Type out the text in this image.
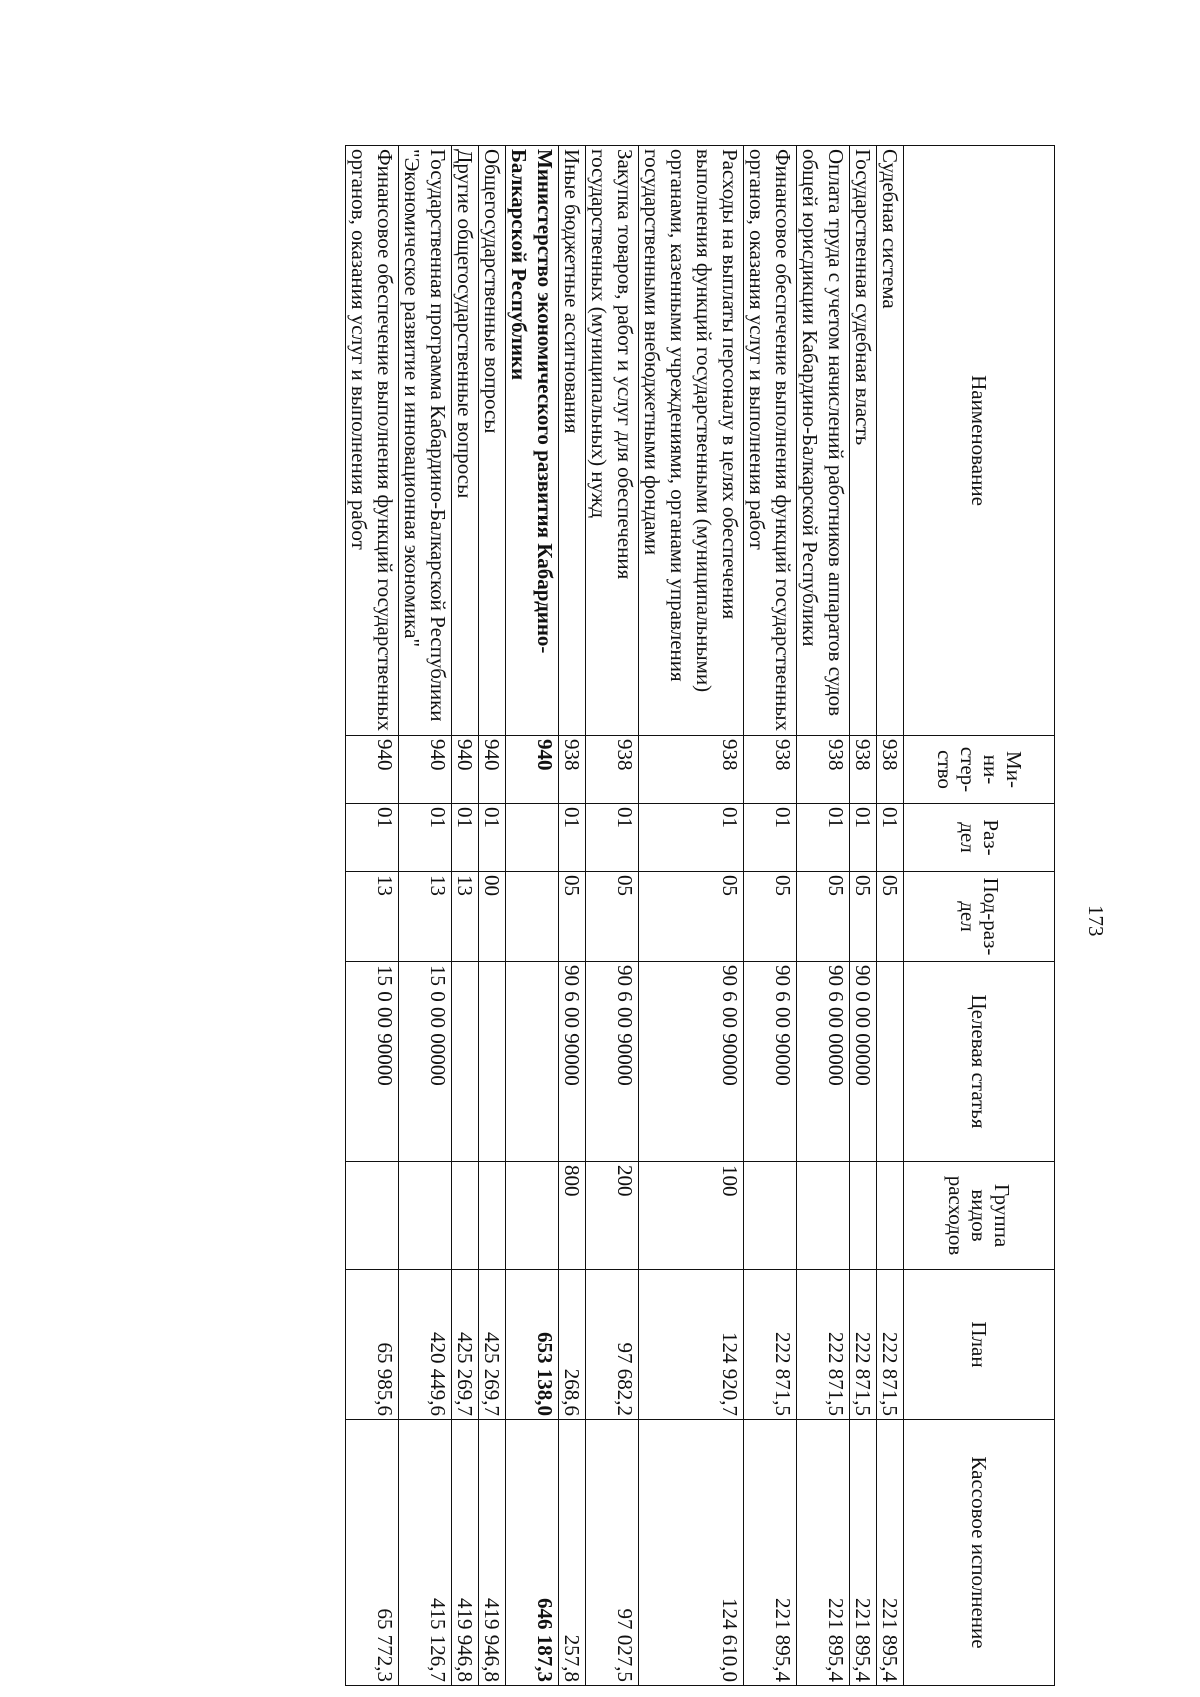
173
Наименование	Ми-ни-стер-ство	Раз-дел	Под-раз-дел	Целевая статья	Группа видов расходов	План	Кассовое исполнение
Судебная система	938	01	05			222 871,5	221 895,4
Государственная судебная власть	938	01	05	90 0 00 00000		222 871,5	221 895,4
Оплата труда с учетом начислений работников аппаратов судов общей юрисдикции Кабардино-Балкарской Республики	938	01	05	90 6 00 00000		222 871,5	221 895,4
Финансовое обеспечение выполнения функций государственных органов, оказания услуг и выполнения работ	938	01	05	90 6 00 90000		222 871,5	221 895,4
Расходы на выплаты персоналу в целях обеспечения выполнения функций государственными (муниципальными) органами, казенными учреждениями, органами управления государственными внебюджетными фондами	938	01	05	90 6 00 90000	100	124 920,7	124 610,0
Закупка товаров, работ и услуг для обеспечения государственных (муниципальных) нужд	938	01	05	90 6 00 90000	200	97 682,2	97 027,5
Иные бюджетные ассигнования	938	01	05	90 6 00 90000	800	268,6	257,8
Министерство экономического развития Кабардино-Балкарской Республики	940					653 138,0	646 187,3
Общегосударственные вопросы	940	01	00			425 269,7	419 946,8
Другие общегосударственные вопросы	940	01	13			425 269,7	419 946,8
Государственная программа Кабардино-Балкарской Республики "Экономическое развитие и инновационная экономика"	940	01	13	15 0 00 00000		420 449,6	415 126,7
Финансовое обеспечение выполнения функций государственных органов, оказания услуг и выполнения работ	940	01	13	15 0 00 90000		65 985,6	65 772,3
